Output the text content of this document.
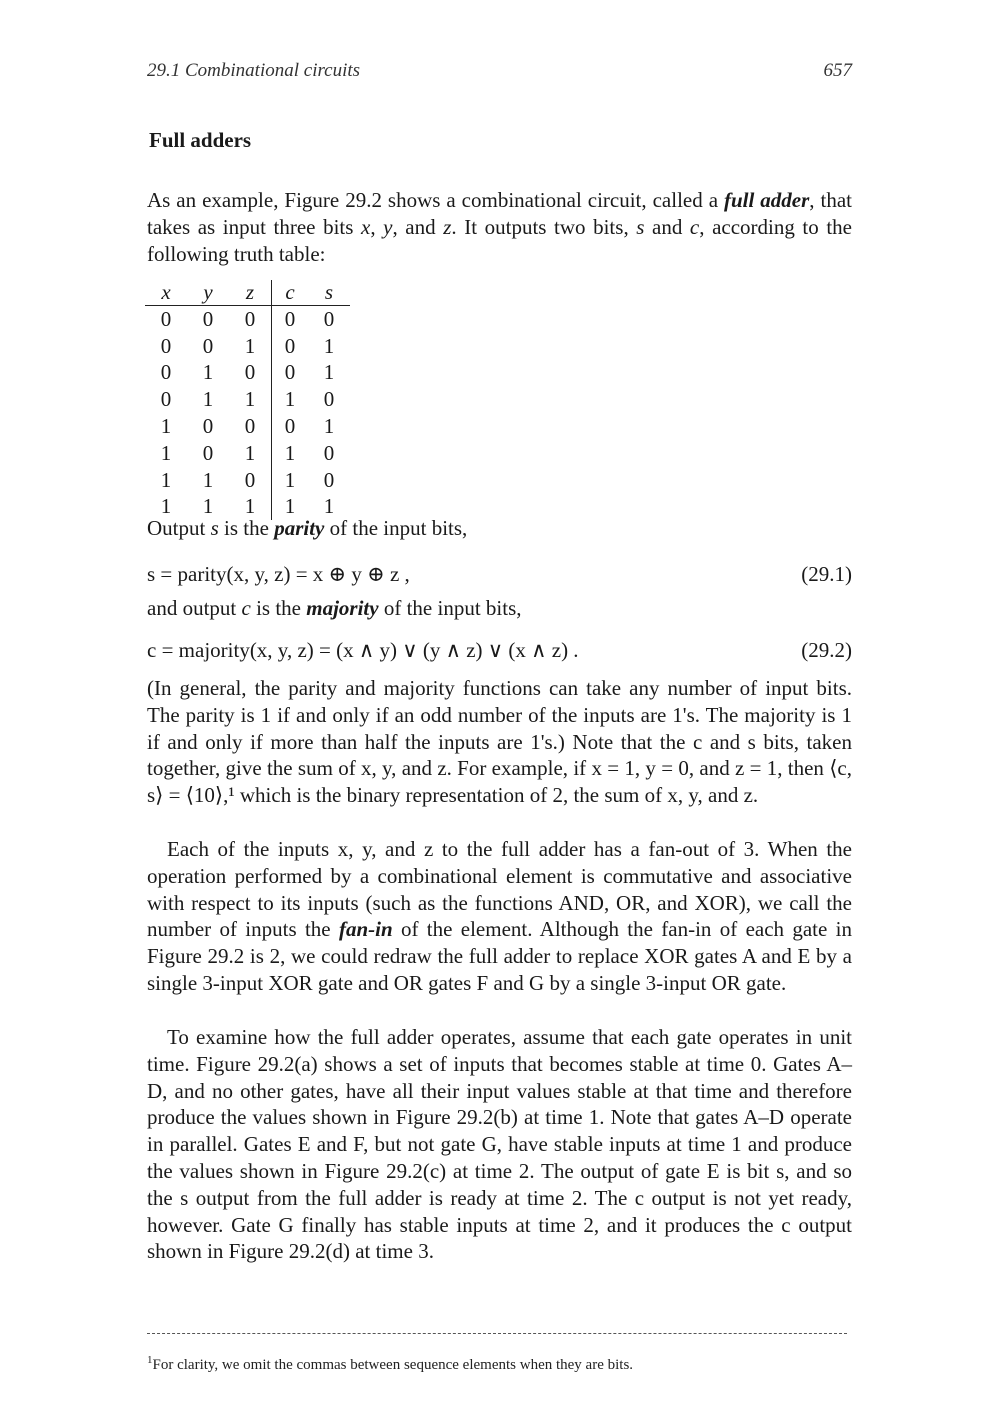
29.1 Combinational circuits	657
Full adders

As an example, Figure 29.2 shows a combinational circuit, called a full adder, that takes as input three bits x, y, and z. It outputs two bits, s and c, according to the following truth table:

x	y	z	c	s
0	0	0	0	0
0	0	1	0	1
0	1	0	0	1
0	1	1	1	0
1	0	0	0	1
1	0	1	1	0
1	1	0	1	0
1	1	1	1	1

Output s is the parity of the input bits,

s = parity(x, y, z) = x ⊕ y ⊕ z ,	(29.1)

and output c is the majority of the input bits,

c = majority(x, y, z) = (x ∧ y) ∨ (y ∧ z) ∨ (x ∧ z) .	(29.2)

(In general, the parity and majority functions can take any number of input bits. The parity is 1 if and only if an odd number of the inputs are 1's. The majority is 1 if and only if more than half the inputs are 1's.) Note that the c and s bits, taken together, give the sum of x, y, and z. For example, if x = 1, y = 0, and z = 1, then ⟨c, s⟩ = ⟨10⟩,¹ which is the binary representation of 2, the sum of x, y, and z.

Each of the inputs x, y, and z to the full adder has a fan-out of 3. When the operation performed by a combinational element is commutative and associative with respect to its inputs (such as the functions AND, OR, and XOR), we call the number of inputs the fan-in of the element. Although the fan-in of each gate in Figure 29.2 is 2, we could redraw the full adder to replace XOR gates A and E by a single 3-input XOR gate and OR gates F and G by a single 3-input OR gate.

To examine how the full adder operates, assume that each gate operates in unit time. Figure 29.2(a) shows a set of inputs that becomes stable at time 0. Gates A–D, and no other gates, have all their input values stable at that time and therefore produce the values shown in Figure 29.2(b) at time 1. Note that gates A–D operate in parallel. Gates E and F, but not gate G, have stable inputs at time 1 and produce the values shown in Figure 29.2(c) at time 2. The output of gate E is bit s, and so the s output from the full adder is ready at time 2. The c output is not yet ready, however. Gate G finally has stable inputs at time 2, and it produces the c output shown in Figure 29.2(d) at time 3.

$^1$For clarity, we omit the commas between sequence elements when they are bits.
